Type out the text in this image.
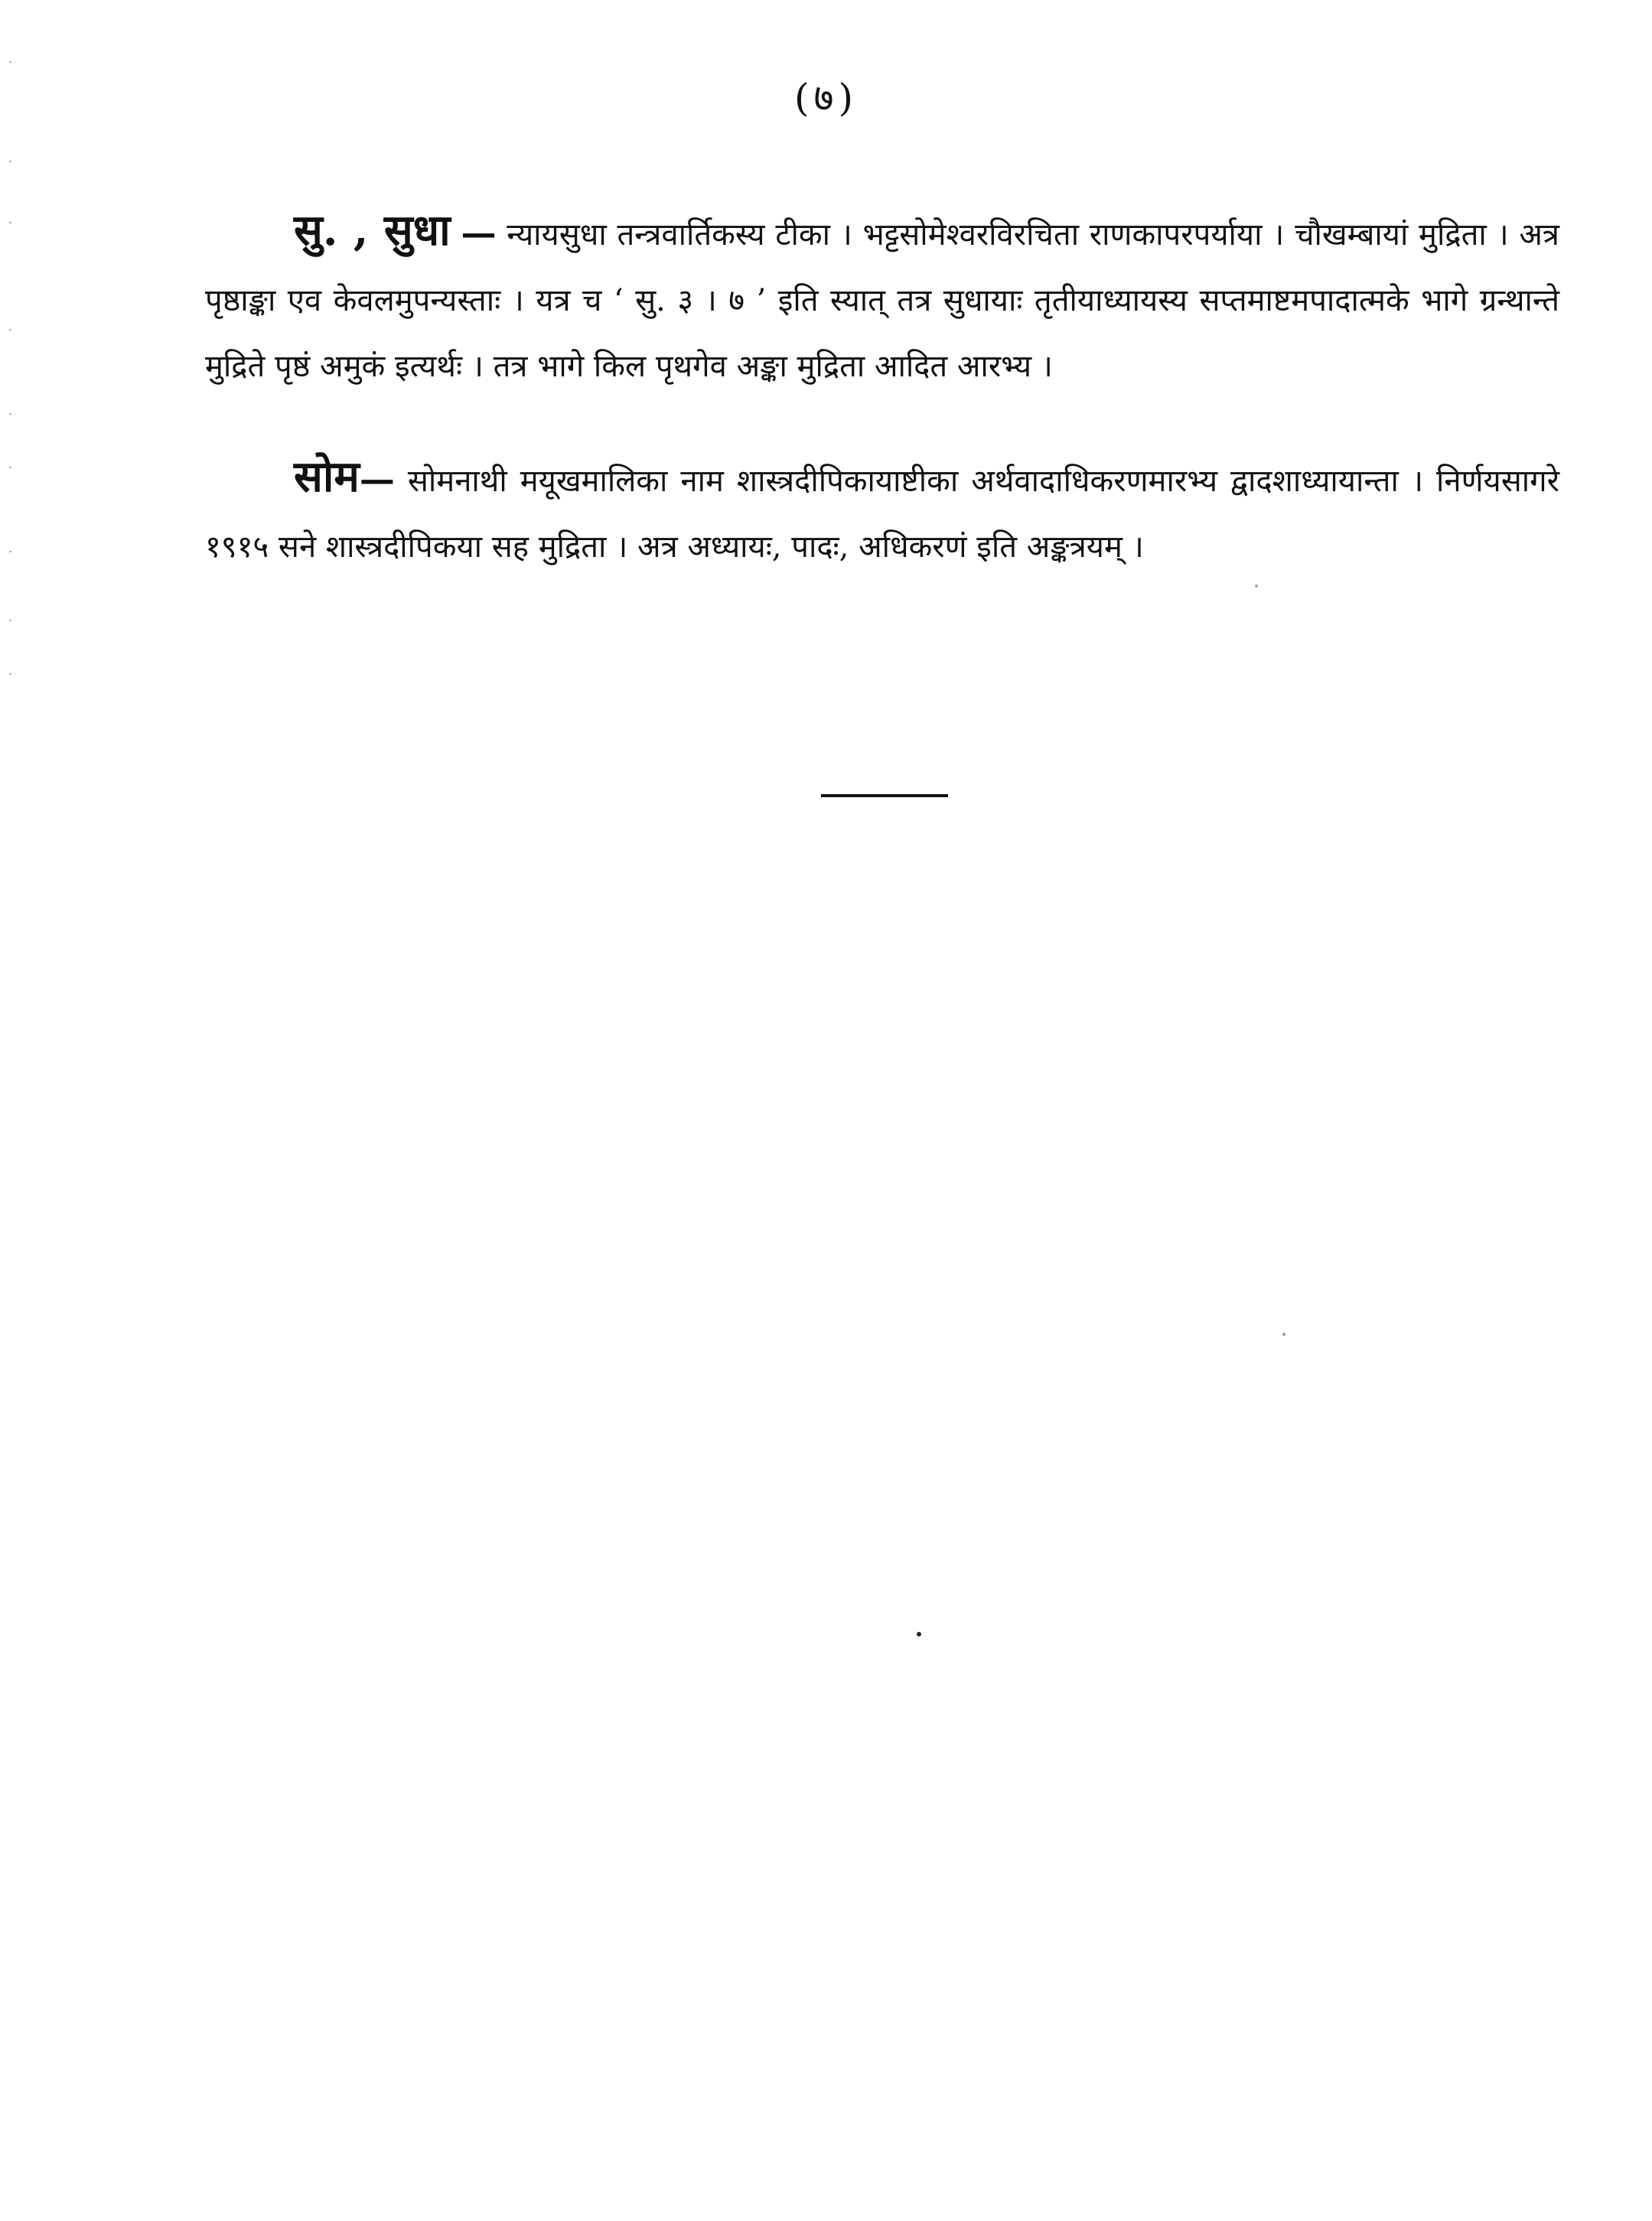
(७)

सु. , सुधा — न्यायसुधा तन्त्रवार्तिकस्य टीका । भट्टसोमेश्वरविरचिता राणकापरपर्याया । चौखम्बायां मुद्रिता । अत्र पृष्ठाङ्का एव केवलमुपन्यस्ताः । यत्र च ‘ सु. ३ । ७ ’ इति स्यात् तत्र सुधायाः तृतीयाध्यायस्य सप्तमाष्टमपादात्मके भागे ग्रन्थान्ते मुद्रिते पृष्ठं अमुकं इत्यर्थः । तत्र भागे किल पृथगेव अङ्का मुद्रिता आदित आरभ्य ।

सोम— सोमनाथी मयूखमालिका नाम शास्त्रदीपिकायाष्टीका अर्थवादाधिकरणमारभ्य द्वादशाध्यायान्ता । निर्णयसागरे १९१५ सने शास्त्रदीपिकया सह मुद्रिता । अत्र अध्यायः, पादः, अधिकरणं इति अङ्कत्रयम् ।
